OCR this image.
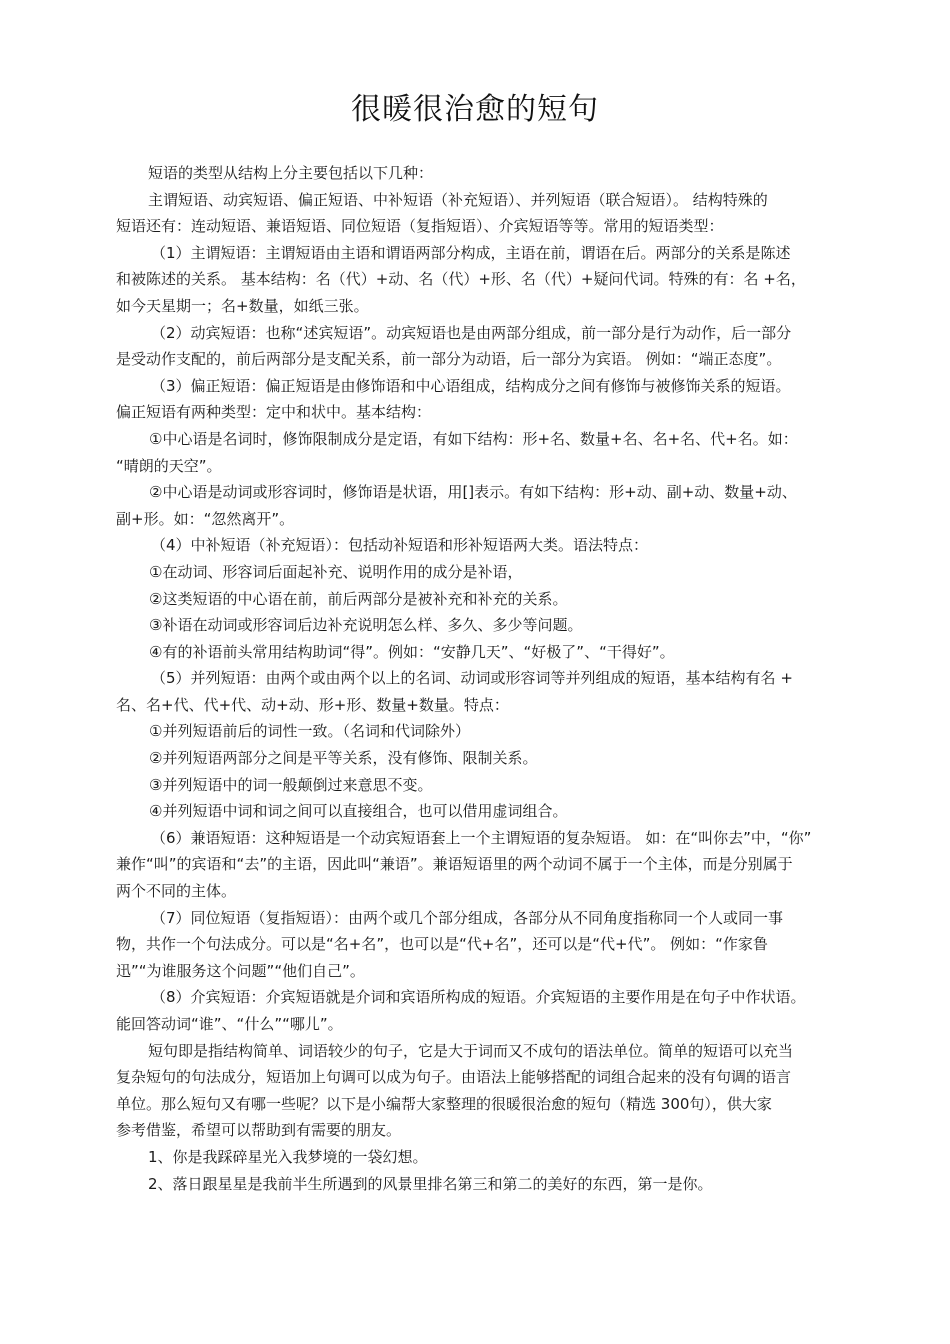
很暖很治愈的短句
短语的类型从结构上分主要包括以下几种：
主谓短语、动宾短语、偏正短语、中补短语（补充短语）、并列短语（联合短语）。 结构特殊的
短语还有：连动短语、兼语短语、同位短语（复指短语）、介宾短语等等。常用的短语类型：
（1）主谓短语：主谓短语由主语和谓语两部分构成，主语在前，谓语在后。两部分的关系是陈述
和被陈述的关系。 基本结构：名（代）+动、名（代）+形、名（代）+疑问代词。特殊的有：名 +名，
如今天星期一；名+数量，如纸三张。
（2）动宾短语：也称“述宾短语”。动宾短语也是由两部分组成，前一部分是行为动作，后一部分
是受动作支配的，前后两部分是支配关系，前一部分为动语，后一部分为宾语。 例如：“端正态度”。
（3）偏正短语：偏正短语是由修饰语和中心语组成，结构成分之间有修饰与被修饰关系的短语。
偏正短语有两种类型：定中和状中。基本结构：
①中心语是名词时，修饰限制成分是定语，有如下结构：形+名、数量+名、名+名、代+名。如：
“晴朗的天空”。
②中心语是动词或形容词时，修饰语是状语，用[]表示。有如下结构：形+动、副+动、数量+动、
副+形。如：“忽然离开”。
（4）中补短语（补充短语）：包括动补短语和形补短语两大类。语法特点：
①在动词、形容词后面起补充、说明作用的成分是补语，
②这类短语的中心语在前，前后两部分是被补充和补充的关系。
③补语在动词或形容词后边补充说明怎么样、多久、多少等问题。
④有的补语前头常用结构助词“得”。例如：“安静几天”、“好极了”、“干得好”。
（5）并列短语：由两个或由两个以上的名词、动词或形容词等并列组成的短语，基本结构有名 +
名、名+代、代+代、动+动、形+形、数量+数量。特点：
①并列短语前后的词性一致。（名词和代词除外）
②并列短语两部分之间是平等关系，没有修饰、限制关系。
③并列短语中的词一般颠倒过来意思不变。
④并列短语中词和词之间可以直接组合，也可以借用虚词组合。
（6）兼语短语：这种短语是一个动宾短语套上一个主谓短语的复杂短语。 如：在“叫你去”中，“你”
兼作“叫”的宾语和“去”的主语，因此叫“兼语”。兼语短语里的两个动词不属于一个主体，而是分别属于
两个不同的主体。
（7）同位短语（复指短语）：由两个或几个部分组成，各部分从不同角度指称同一个人或同一事
物，共作一个句法成分。可以是“名+名”，也可以是“代+名”，还可以是“代+代”。 例如：“作家鲁
迅”“为谁服务这个问题”“他们自己”。
（8）介宾短语：介宾短语就是介词和宾语所构成的短语。介宾短语的主要作用是在句子中作状语。
能回答动词“谁”、“什么”“哪儿”。
短句即是指结构简单、词语较少的句子，它是大于词而又不成句的语法单位。简单的短语可以充当
复杂短句的句法成分，短语加上句调可以成为句子。由语法上能够搭配的词组合起来的没有句调的语言
单位。那么短句又有哪一些呢？以下是小编帮大家整理的很暖很治愈的短句（精选 300句），供大家
参考借鉴，希望可以帮助到有需要的朋友。
1、你是我踩碎星光入我梦境的一袋幻想。
2、落日跟星星是我前半生所遇到的风景里排名第三和第二的美好的东西，第一是你。
